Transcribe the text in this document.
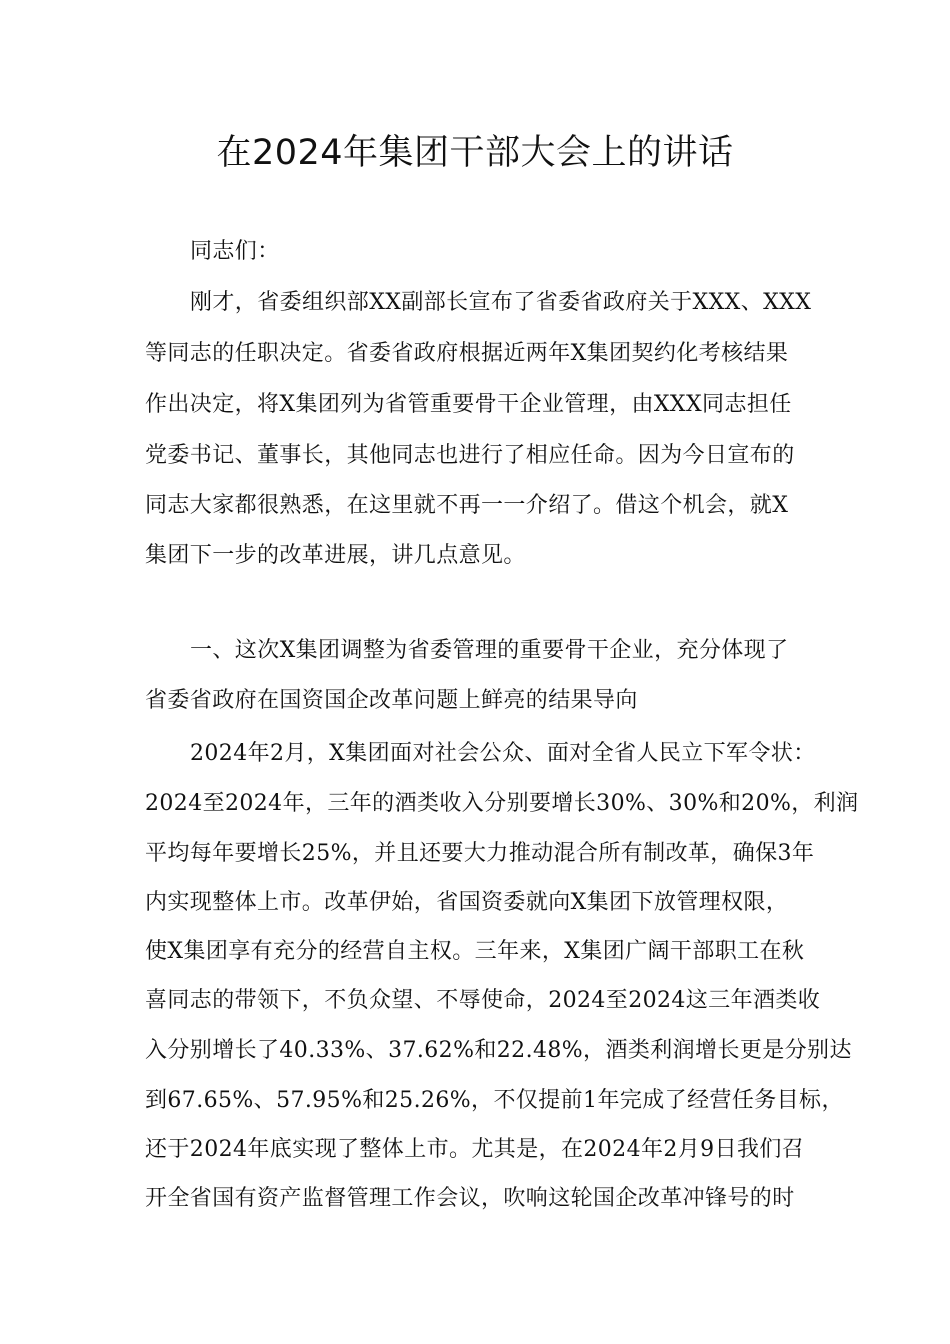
在2024年集团干部大会上的讲话
同志们：
刚才，省委组织部XX副部长宣布了省委省政府关于XXX、XXX
等同志的任职决定。省委省政府根据近两年X集团契约化考核结果
作出决定，将X集团列为省管重要骨干企业管理，由XXX同志担任
党委书记、董事长，其他同志也进行了相应任命。因为今日宣布的
同志大家都很熟悉，在这里就不再一一介绍了。借这个机会，就X
集团下一步的改革进展，讲几点意见。
一、这次X集团调整为省委管理的重要骨干企业，充分体现了
省委省政府在国资国企改革问题上鲜亮的结果导向
2024年2月，X集团面对社会公众、面对全省人民立下军令状：
2024至2024年，三年的酒类收入分别要增长30%、30%和20%，利润
平均每年要增长25%，并且还要大力推动混合所有制改革，确保3年
内实现整体上市。改革伊始，省国资委就向X集团下放管理权限，
使X集团享有充分的经营自主权。三年来，X集团广阔干部职工在秋
喜同志的带领下，不负众望、不辱使命，2024至2024这三年酒类收
入分别增长了40.33%、37.62%和22.48%，酒类利润增长更是分别达
到67.65%、57.95%和25.26%，不仅提前1年完成了经营任务目标，
还于2024年底实现了整体上市。尤其是，在2024年2月9日我们召
开全省国有资产监督管理工作会议，吹响这轮国企改革冲锋号的时
